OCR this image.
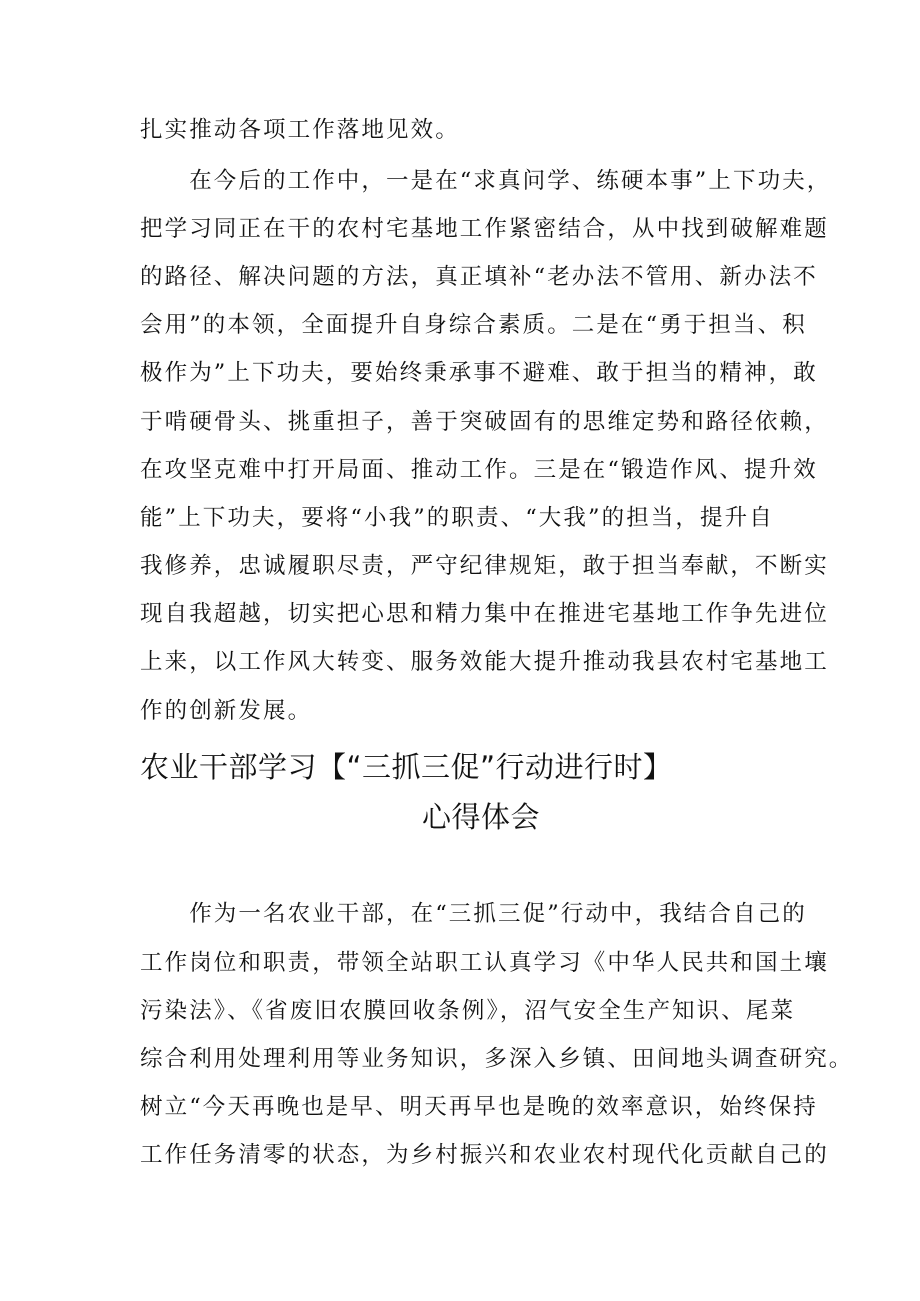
扎实推动各项工作落地见效。

　　在今后的工作中，一是在“求真问学、练硬本事”上下功夫，

把学习同正在干的农村宅基地工作紧密结合，从中找到破解难题

的路径、解决问题的方法，真正填补“老办法不管用、新办法不

会用”的本领，全面提升自身综合素质。二是在“勇于担当、积

极作为”上下功夫，要始终秉承事不避难、敢于担当的精神，敢

于啃硬骨头、挑重担子，善于突破固有的思维定势和路径依赖，

在攻坚克难中打开局面、推动工作。三是在“锻造作风、提升效

能”上下功夫，要将“小我”的职责、“大我”的担当，提升自

我修养，忠诚履职尽责，严守纪律规矩，敢于担当奉献，不断实

现自我超越，切实把心思和精力集中在推进宅基地工作争先进位

上来，以工作风大转变、服务效能大提升推动我县农村宅基地工

作的创新发展。

农业干部学习【“三抓三促”行动进行时】
心得体会

　　作为一名农业干部，在“三抓三促”行动中，我结合自己的

工作岗位和职责，带领全站职工认真学习《中华人民共和国土壤

污染法》、《省废旧农膜回收条例》，沼气安全生产知识、尾菜

综合利用处理利用等业务知识，多深入乡镇、田间地头调查研究。

树立“今天再晚也是早、明天再早也是晚的效率意识，始终保持

工作任务清零的状态，为乡村振兴和农业农村现代化贡献自己的
